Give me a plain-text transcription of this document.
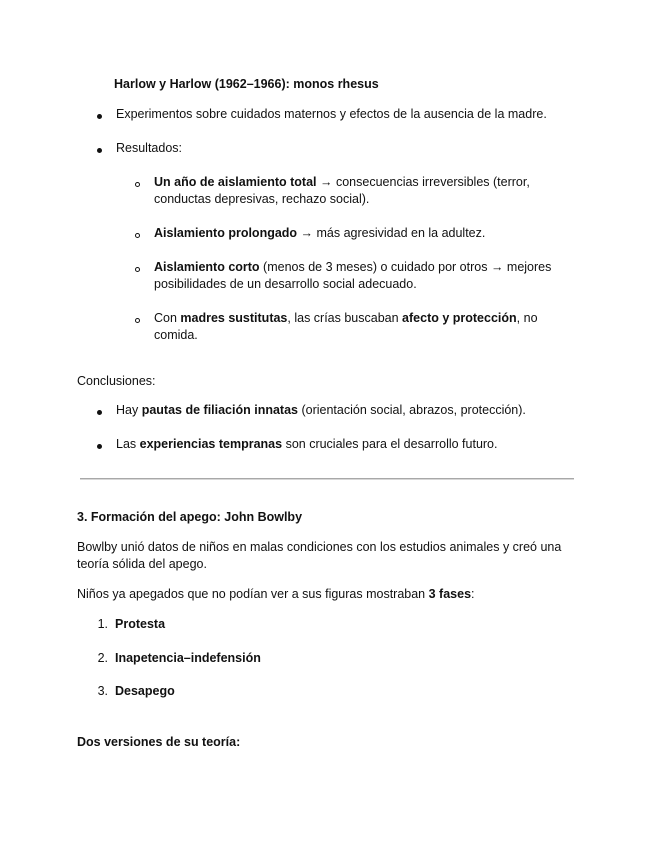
Harlow y Harlow (1962–1966): monos rhesus

Experimentos sobre cuidados maternos y efectos de la ausencia de la madre.

Resultados:

Un año de aislamiento total → consecuencias irreversibles (terror, conductas depresivas, rechazo social).

Aislamiento prolongado → más agresividad en la adultez.

Aislamiento corto (menos de 3 meses) o cuidado por otros → mejores posibilidades de un desarrollo social adecuado.

Con madres sustitutas, las crías buscaban afecto y protección, no comida.

Conclusiones:

Hay pautas de filiación innatas (orientación social, abrazos, protección).

Las experiencias tempranas son cruciales para el desarrollo futuro.

3. Formación del apego: John Bowlby

Bowlby unió datos de niños en malas condiciones con los estudios animales y creó una teoría sólida del apego.

Niños ya apegados que no podían ver a sus figuras mostraban 3 fases:

1. Protesta

2. Inapetencia–indefensión

3. Desapego

Dos versiones de su teoría:
